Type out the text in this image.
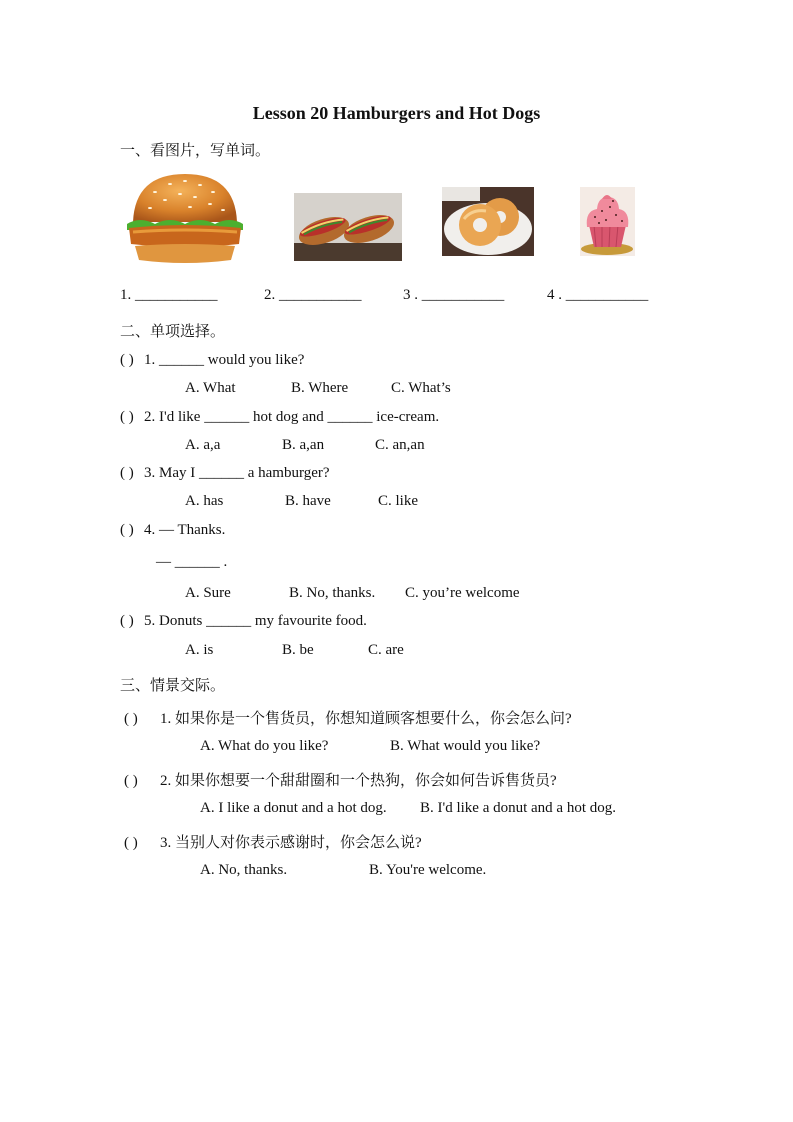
Lesson 20 Hamburgers and Hot Dogs
一、看图片，写单词。
1. ___________	2. ___________	3 . ___________	4 . ___________
二、单项选择。
( ) 1. ______ would you like?
A. What	B. Where	C. What’s
( ) 2. I'd like ______ hot dog and ______ ice-cream.
A. a,a	B. a,an	C. an,an
( ) 3. May I ______ a hamburger?
A. has	B. have	C. like
( ) 4. — Thanks.
— ______ .
A. Sure	B. No, thanks. C. you’re welcome
( ) 5. Donuts ______ my favourite food.
A. is	B. be	C. are
三、情景交际。
( ) 1. 如果你是一个售货员，你想知道顾客想要什么，你会怎么问?
A. What do you like?	B. What would you like?
( ) 2. 如果你想要一个甜甜圈和一个热狗，你会如何告诉售货员?
A. I like a donut and a hot dog. B. I'd like a donut and a hot dog.
( ) 3. 当别人对你表示感谢时，你会怎么说?
A. No, thanks.	B. You're welcome.
